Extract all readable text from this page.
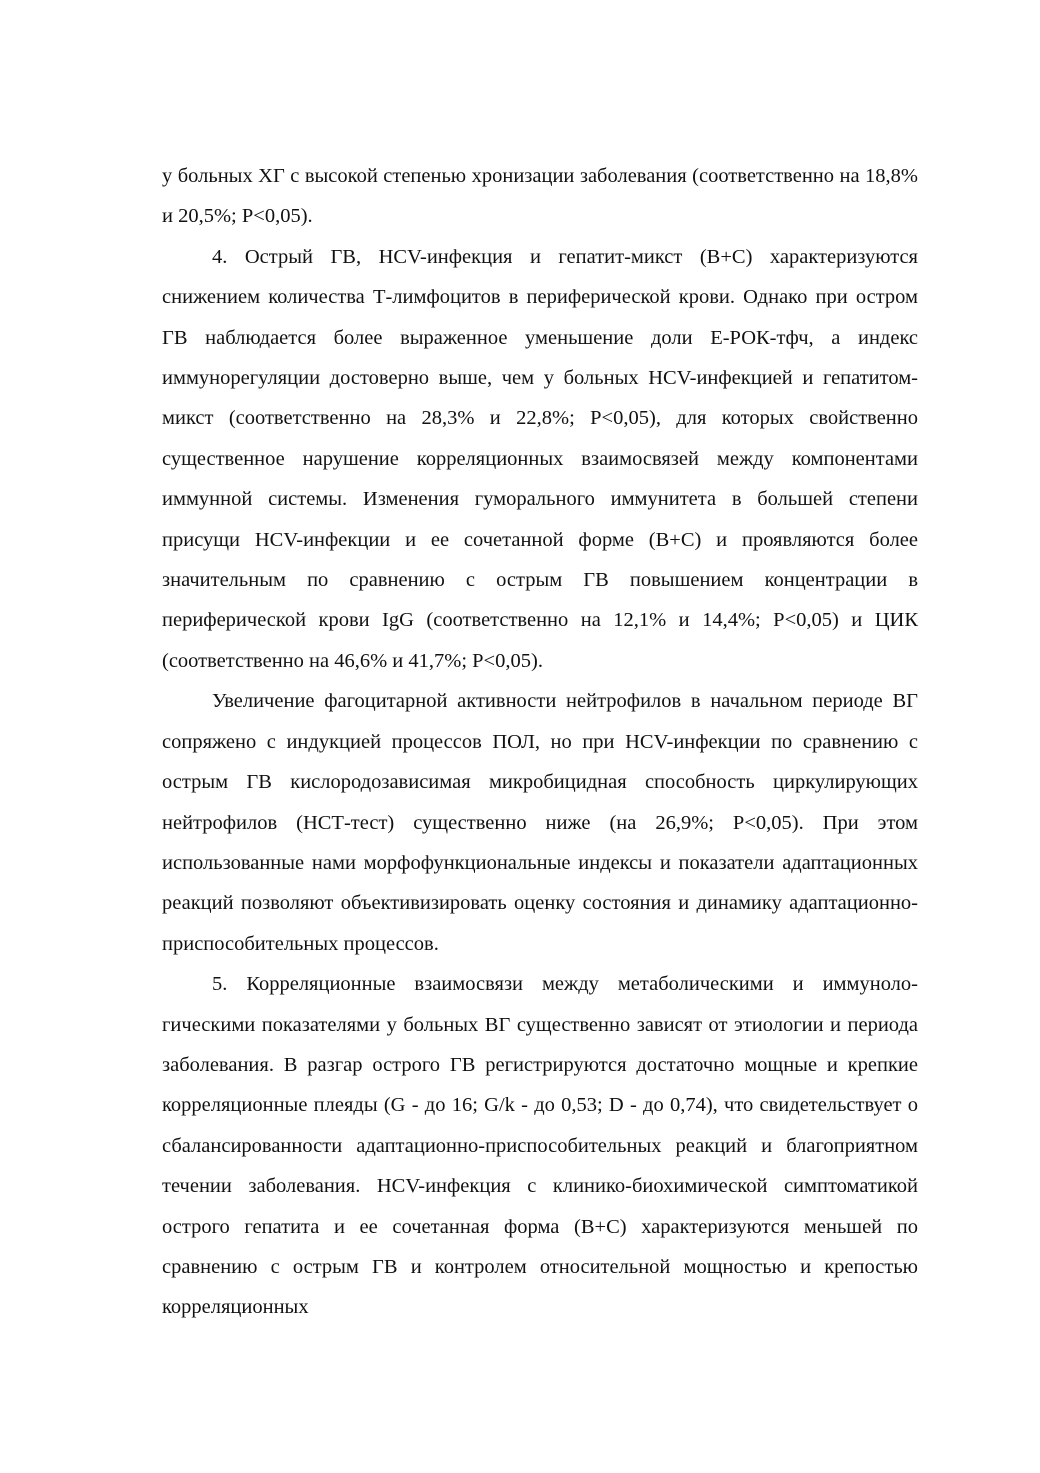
у больных ХГ с высокой степенью хронизации заболевания (соответственно на 18,8% и 20,5%; P<0,05).

4. Острый ГВ, HCV-инфекция и гепатит-микст (В+С) характеризуются снижением количества Т-лимфоцитов в периферической крови. Однако при остром ГВ наблюдается более выраженное уменьшение доли Е-РОК-тфч, а индекс иммунорегуляции достоверно выше, чем у больных HCV-инфекцией и гепатитом-микст (соответственно на 28,3% и 22,8%; P<0,05), для которых свойственно существенное нарушение корреляционных взаимосвязей между компонентами иммунной системы. Изменения гуморального иммунитета в большей степени присущи HCV-инфекции и ее сочетанной форме (В+С) и проявляются более значительным по сравнению с острым ГВ повышением концентрации в периферической крови IgG (соответственно на 12,1% и 14,4%; P<0,05) и ЦИК (соответственно на 46,6% и 41,7%; P<0,05).

Увеличение фагоцитарной активности нейтрофилов в начальном периоде ВГ сопряжено с индукцией процессов ПОЛ, но при HCV-инфекции по сравнению с острым ГВ кислородозависимая микробицидная способность циркулирующих нейтрофилов (НСТ-тест) существенно ниже (на 26,9%; P<0,05). При этом использованные нами морфофункциональные индексы и показатели адаптационных реакций позволяют объективизировать оценку состояния и динамику адаптационно-приспособительных процессов.

5. Корреляционные взаимосвязи между метаболическими и иммунологическими показателями у больных ВГ существенно зависят от этиологии и периода заболевания. В разгар острого ГВ регистрируются достаточно мощные и крепкие корреляционные плеяды (G - до 16; G/k - до 0,53; D - до 0,74), что свидетельствует о сбалансированности адаптационно-приспособительных реакций и благоприятном течении заболевания. HCV-инфекция с клинико-биохимической симптоматикой острого гепатита и ее сочетанная форма (В+С) характеризуются меньшей по сравнению с острым ГВ и контролем относительной мощностью и крепостью корреляционных
